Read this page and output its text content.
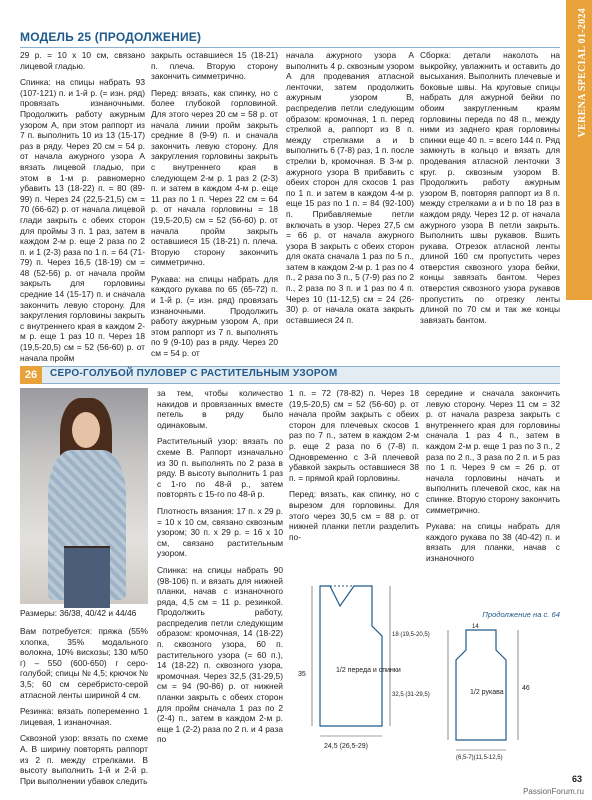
VERENA SPECIAL 01-2024
МОДЕЛЬ 25 (ПРОДОЛЖЕНИЕ)

29 р. = 10 х 10 см, связано лицевой гладью.

Спинка: на спицы набрать 93 (107-121) п. и 1-й р. (= изн. ряд) провязать изнаночными. Продолжить работу ажурным узором А, при этом раппорт из 7 п. выполнить 10 из 13 (15-17) раз в ряду. Через 20 см = 54 р. от начала ажурного узора А вязать лицевой гладью, при этом в 1-м р. равномерно убавить 13 (18-22) п. = 80 (89-99) п. Через 24 (22,5-21,5) см = 70 (66-62) р. от начала лицевой глади закрыть с обеих сторон для проймы 3 п. 1 раз, затем в каждом 2-м р. еще 2 раза по 2 п. и 1 (2-3) раза по 1 п. = 64 (71-79) п. Через 16,5 (18-19) см = 48 (52-56) р. от начала пройм закрыть для горловины средние 14 (15-17) п. и сначала закончить левую сторону. Для закругления горловины закрыть с внутреннего края в каждом 2-м р. еще 1 раз 10 п. Через 18 (19,5-20,5) см = 52 (56-60) р. от начала пройм

закрыть оставшиеся 15 (18-21) п. плеча. Вторую сторону закончить симметрично.

Перед: вязать, как спинку, но с более глубокой горловиной. Для этого через 20 см = 58 р. от начала линии пройм закрыть средние 8 (9-9) п. и сначала закончить левую сторону. Для закругления горловины закрыть с внутреннего края в следующем 2-м р. 1 раз 2 (2-3) п. и затем в каждом 4-м р. еще 11 раз по 1 п. Через 22 см = 64 р. от начала горловины = 18 (19,5-20,5) см = 52 (56-60) р. от начала пройм закрыть оставшиеся 15 (18-21) п. плеча. Вторую сторону закончить симметрично.

Рукава: на спицы набрать для каждого рукава по 65 (65-72) п. и 1-й р. (= изн. ряд) провязать изнаночными. Продолжить работу ажурным узором А, при этом раппорт из 7 п. выполнять по 9 (9-10) раз в ряду. Через 20 см = 54 р. от

начала ажурного узора А выполнить 4 р. сквозным узором А для продевания атласной ленточки, затем продолжить ажурным узором В, распределив петли следующим образом: кромочная, 1 п. перед стрелкой а, раппорт из 8 п. между стрелками а и b выполнить 6 (7-8) раз, 1 п. после стрелки b, кромочная. В 3-м р. ажурного узора В прибавить с обеих сторон для скосов 1 раз по 1 п. и затем в каждом 4-м р. еще 15 раз по 1 п. = 84 (92-100) п. Прибавляемые петли включать в узор. Через 27,5 см = 66 р. от начала ажурного узора В закрыть с обеих сторон для оката сначала 1 раз по 5 п., затем в каждом 2-м р. 1 раз по 4 п., 2 раза по 3 п., 5 (7-9) раз по 2 п., 2 раза по 3 п. и 1 раз по 4 п. Через 10 (11-12,5) см = 24 (26-30) р. от начала оката закрыть оставшиеся 24 п.

Сборка: детали наколоть на выкройку, увлажнить и оставить до высыхания. Выполнить плечевые и боковые швы. На круговые спицы набрать для ажурной бейки по обоим закругленным краям горловины переда по 48 п., между ними из заднего края горловины спинки еще 40 п. = всего 144 п. Ряд замкнуть в кольцо и вязать для продевания атласной ленточки 3 круг. р. сквозным узором В. Продолжить работу ажурным узором В, повторяя раппорт из 8 п. между стрелками а и b по 18 раз в каждом ряду. Через 12 р. от начала ажурного узора В петли закрыть. Выполнить швы рукавов. Вшить рукава. Отрезок атласной ленты длиной 160 см пропустить через отверстия сквозного узора бейки, концы завязать бантом. Через отверстия сквозного узора рукавов пропустить по отрезку ленты длиной по 70 см и так же концы завязать бантом.

26	СЕРО-ГОЛУБОЙ ПУЛОВЕР С РАСТИТЕЛЬНЫМ УЗОРОМ
Размеры: 36/38, 40/42 и 44/46

Вам потребуется: пряжа (55% хлопка, 35% модального волокна, 10% вискозы; 130 м/50 г) – 550 (600-650) г серо-голубой; спицы № 4,5; крючок № 3,5; 60 см серебристо-серой атласной ленты шириной 4 см.

Резинка: вязать попеременно 1 лицевая, 1 изнаночная.

Сквозной узор: вязать по схеме А. В ширину повторять раппорт из 2 п. между стрелками. В высоту выполнить 1-й и 2-й р. При выполнении убавок следить

за тем, чтобы количество накидов и провязанных вместе петель в ряду было одинаковым.

Растительный узор: вязать по схеме В. Раппорт изначально из 30 п. выполнять по 2 раза в ряду. В высоту выполнить 1 раз с 1-го по 48-й р., затем повторять с 15-го по 48-й р.

Плотность вязания: 17 п. х 29 р. = 10 х 10 см, связано сквозным узором; 30 п. х 29 р. = 16 х 10 см, связано растительным узором.

Спинка: на спицы набрать 90 (98-106) п. и вязать для нижней планки, начав с изнаночного ряда, 4,5 см = 11 р. резинкой. Продолжить работу, распределив петли следующим образом: кромочная, 14 (18-22) п. сквозного узора, 60 п. растительного узора (= 60 п.), 14 (18-22) п. сквозного узора, кромочная. Через 32,5 (31-29,5) см = 94 (90-86) р. от нижней планки закрыть с обеих сторон для пройм сначала 1 раз по 2 (2-4) п., затем в каждом 2-м р. еще 1 (2-2) раза по 2 п. и 4 раза по

1 п. = 72 (78-82) п. Через 18 (19,5-20,5) см = 52 (56-60) р. от начала пройм закрыть с обеих сторон для плечевых скосов 1 раз по 7 п., затем в каждом 2-м р. еще 2 раза по 6 (7-8) п. Одновременно с 3-й плечевой убавкой закрыть оставшиеся 38 п. = прямой край горловины.

Перед: вязать, как спинку, но с вырезом для горловины. Для этого через 30,5 см = 88 р. от нижней планки петли разделить по-

середине и сначала закончить левую сторону. Через 11 см = 32 р. от начала разреза закрыть с внутреннего края для горловины сначала 1 раз 4 п., затем в каждом 2-м р. еще 1 раз по 3 п., 2 раза по 2 п., 3 раза по 2 п. и 5 раз по 1 п. Через 9 см = 26 р. от начала горловины начать и выполнить плечевой скос, как на спинке. Вторую сторону закончить симметрично.

Рукава: на спицы набрать для каждого рукава по 38 (40-42) п. и вязать для планки, начав с изнаночного

Продолжение на с. 64
1/2 переда и спинки
24,5 (26,5-29)
35
18 (19,5-20,5)
32,5 (31-29,5)	1/2 рукава
14
46
(6,5-7)(11,5-12,5)
63
PassionForum.ru
